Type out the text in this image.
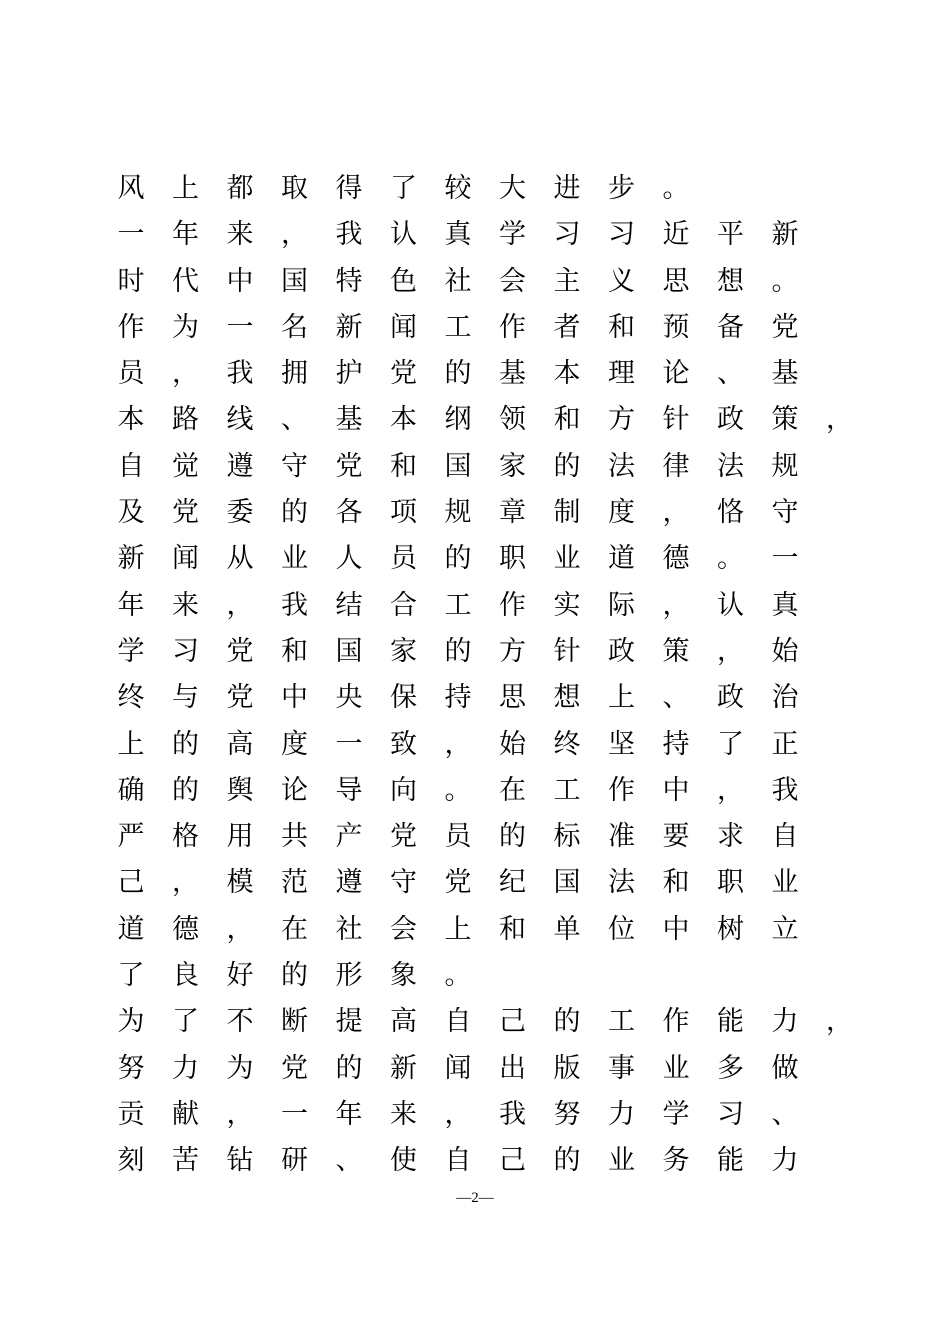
风 上 都 取 得 了 较 大 进 步 。
一 年 来 ， 我 认 真 学 习 习 近 平 新
时 代 中 国 特 色 社 会 主 义 思 想 。
作 为 一 名 新 闻 工 作 者 和 预 备 党
员 ， 我 拥 护 党 的 基 本 理 论 、 基
本 路 线 、 基 本 纲 领 和 方 针 政 策 ，
自 觉 遵 守 党 和 国 家 的 法 律 法 规
及 党 委 的 各 项 规 章 制 度 ， 恪 守
新 闻 从 业 人 员 的 职 业 道 德 。 一
年 来 ， 我 结 合 工 作 实 际 ， 认 真
学 习 党 和 国 家 的 方 针 政 策 ， 始
终 与 党 中 央 保 持 思 想 上 、 政 治
上 的 高 度 一 致 ， 始 终 坚 持 了 正
确 的 舆 论 导 向 。 在 工 作 中 ， 我
严 格 用 共 产 党 员 的 标 准 要 求 自
己 ， 模 范 遵 守 党 纪 国 法 和 职 业
道 德 ， 在 社 会 上 和 单 位 中 树 立
了 良 好 的 形 象 。
为 了 不 断 提 高 自 己 的 工 作 能 力 ，
努 力 为 党 的 新 闻 出 版 事 业 多 做
贡 献 ， 一 年 来 ， 我 努 力 学 习 、
刻 苦 钻 研 、 使 自 己 的 业 务 能 力
—2—
